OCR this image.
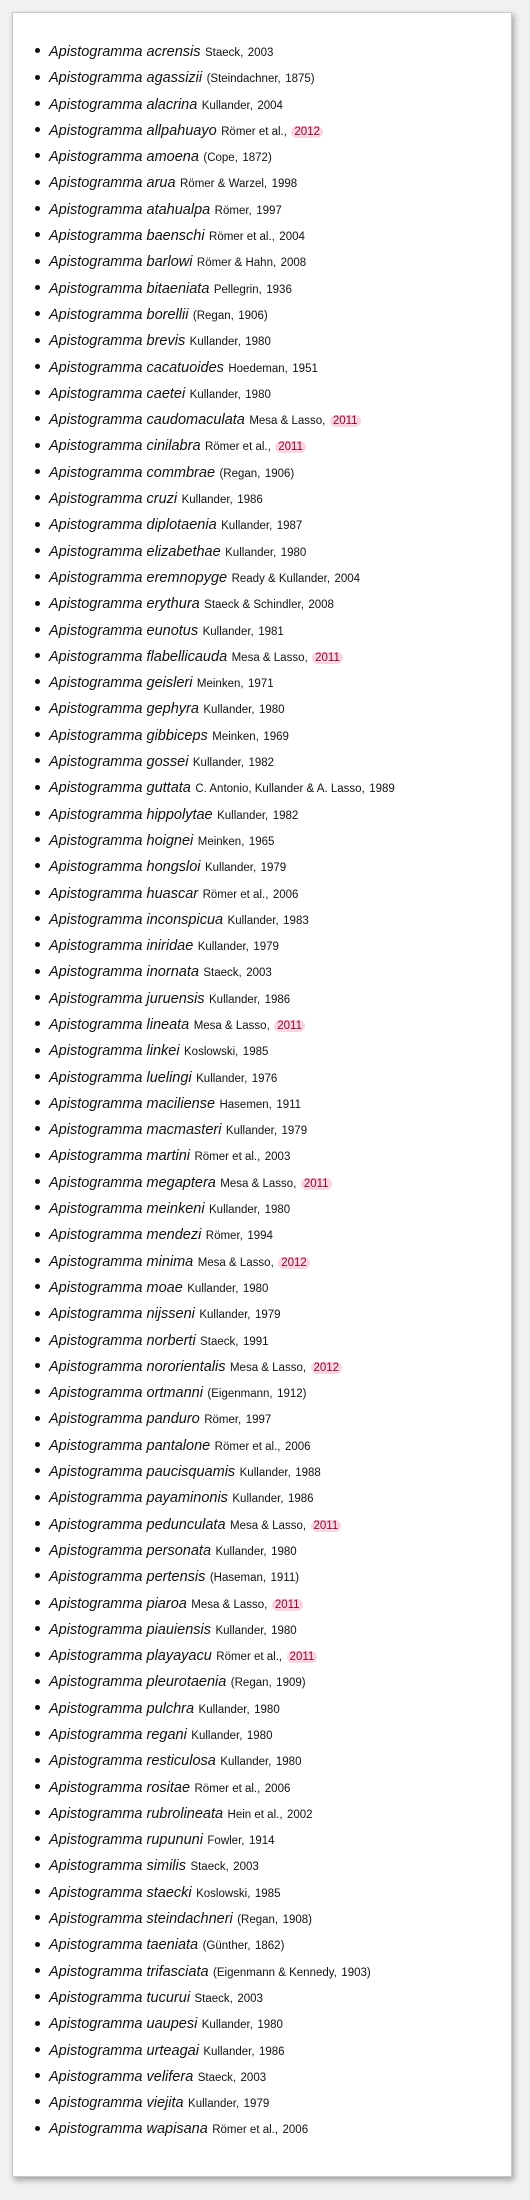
Apistogramma acrensis Staeck, 2003
Apistogramma agassizii (Steindachner, 1875)
Apistogramma alacrina Kullander, 2004
Apistogramma allpahuayo Römer et al., 2012
Apistogramma amoena (Cope, 1872)
Apistogramma arua Römer & Warzel, 1998
Apistogramma atahualpa Römer, 1997
Apistogramma baenschi Römer et al., 2004
Apistogramma barlowi Römer & Hahn, 2008
Apistogramma bitaeniata Pellegrin, 1936
Apistogramma borellii (Regan, 1906)
Apistogramma brevis Kullander, 1980
Apistogramma cacatuoides Hoedeman, 1951
Apistogramma caetei Kullander, 1980
Apistogramma caudomaculata Mesa & Lasso, 2011
Apistogramma cinilabra Römer et al., 2011
Apistogramma commbrae (Regan, 1906)
Apistogramma cruzi Kullander, 1986
Apistogramma diplotaenia Kullander, 1987
Apistogramma elizabethae Kullander, 1980
Apistogramma eremnopyge Ready & Kullander, 2004
Apistogramma erythura Staeck & Schindler, 2008
Apistogramma eunotus Kullander, 1981
Apistogramma flabellicauda Mesa & Lasso, 2011
Apistogramma geisleri Meinken, 1971
Apistogramma gephyra Kullander, 1980
Apistogramma gibbiceps Meinken, 1969
Apistogramma gossei Kullander, 1982
Apistogramma guttata C. Antonio, Kullander & A. Lasso, 1989
Apistogramma hippolytae Kullander, 1982
Apistogramma hoignei Meinken, 1965
Apistogramma hongsloi Kullander, 1979
Apistogramma huascar Römer et al., 2006
Apistogramma inconspicua Kullander, 1983
Apistogramma iniridae Kullander, 1979
Apistogramma inornata Staeck, 2003
Apistogramma juruensis Kullander, 1986
Apistogramma lineata Mesa & Lasso, 2011
Apistogramma linkei Koslowski, 1985
Apistogramma luelingi Kullander, 1976
Apistogramma maciliense Hasemen, 1911
Apistogramma macmasteri Kullander, 1979
Apistogramma martini Römer et al., 2003
Apistogramma megaptera Mesa & Lasso, 2011
Apistogramma meinkeni Kullander, 1980
Apistogramma mendezi Römer, 1994
Apistogramma minima Mesa & Lasso, 2012
Apistogramma moae Kullander, 1980
Apistogramma nijsseni Kullander, 1979
Apistogramma norberti Staeck, 1991
Apistogramma nororientalis Mesa & Lasso, 2012
Apistogramma ortmanni (Eigenmann, 1912)
Apistogramma panduro Römer, 1997
Apistogramma pantalone Römer et al., 2006
Apistogramma paucisquamis Kullander, 1988
Apistogramma payaminonis Kullander, 1986
Apistogramma pedunculata Mesa & Lasso, 2011
Apistogramma personata Kullander, 1980
Apistogramma pertensis (Haseman, 1911)
Apistogramma piaroa Mesa & Lasso, 2011
Apistogramma piauiensis Kullander, 1980
Apistogramma playayacu Römer et al., 2011
Apistogramma pleurotaenia (Regan, 1909)
Apistogramma pulchra Kullander, 1980
Apistogramma regani Kullander, 1980
Apistogramma resticulosa Kullander, 1980
Apistogramma rositae Römer et al., 2006
Apistogramma rubrolineata Hein et al., 2002
Apistogramma rupununi Fowler, 1914
Apistogramma similis Staeck, 2003
Apistogramma staecki Koslowski, 1985
Apistogramma steindachneri (Regan, 1908)
Apistogramma taeniata (Günther, 1862)
Apistogramma trifasciata (Eigenmann & Kennedy, 1903)
Apistogramma tucurui Staeck, 2003
Apistogramma uaupesi Kullander, 1980
Apistogramma urteagai Kullander, 1986
Apistogramma velifera Staeck, 2003
Apistogramma viejita Kullander, 1979
Apistogramma wapisana Römer et al., 2006
